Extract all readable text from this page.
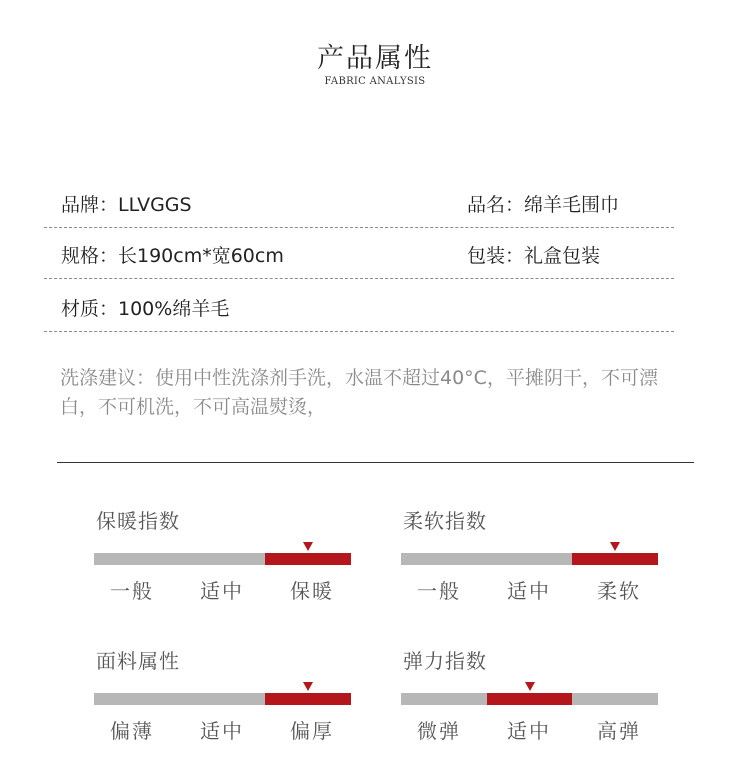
产品属性
FABRIC ANALYSIS
品牌：LLVGGS	品名：绵羊毛围巾
规格：长190cm*宽60cm	包装：礼盒包装
材质：100%绵羊毛
洗涤建议：使用中性洗涤剂手洗，水温不超过40°C，平摊阴干，不可漂白，不可机洗，不可高温熨烫，
保暖指数
一般	适中	保暖
柔软指数
一般	适中	柔软
面料属性
偏薄	适中	偏厚
弹力指数
微弹	适中	高弹
